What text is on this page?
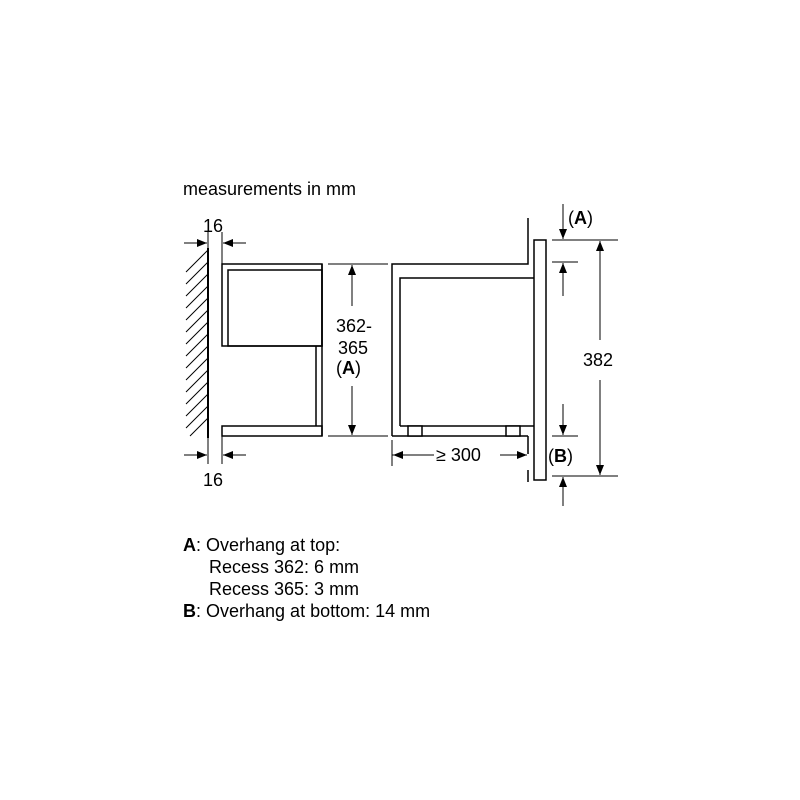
measurements in mm
16
16
362-
365
(A)
≥ 300
382
(A)
(B)
A: Overhang at top:
Recess 362: 6 mm
Recess 365: 3 mm
B: Overhang at bottom: 14 mm
